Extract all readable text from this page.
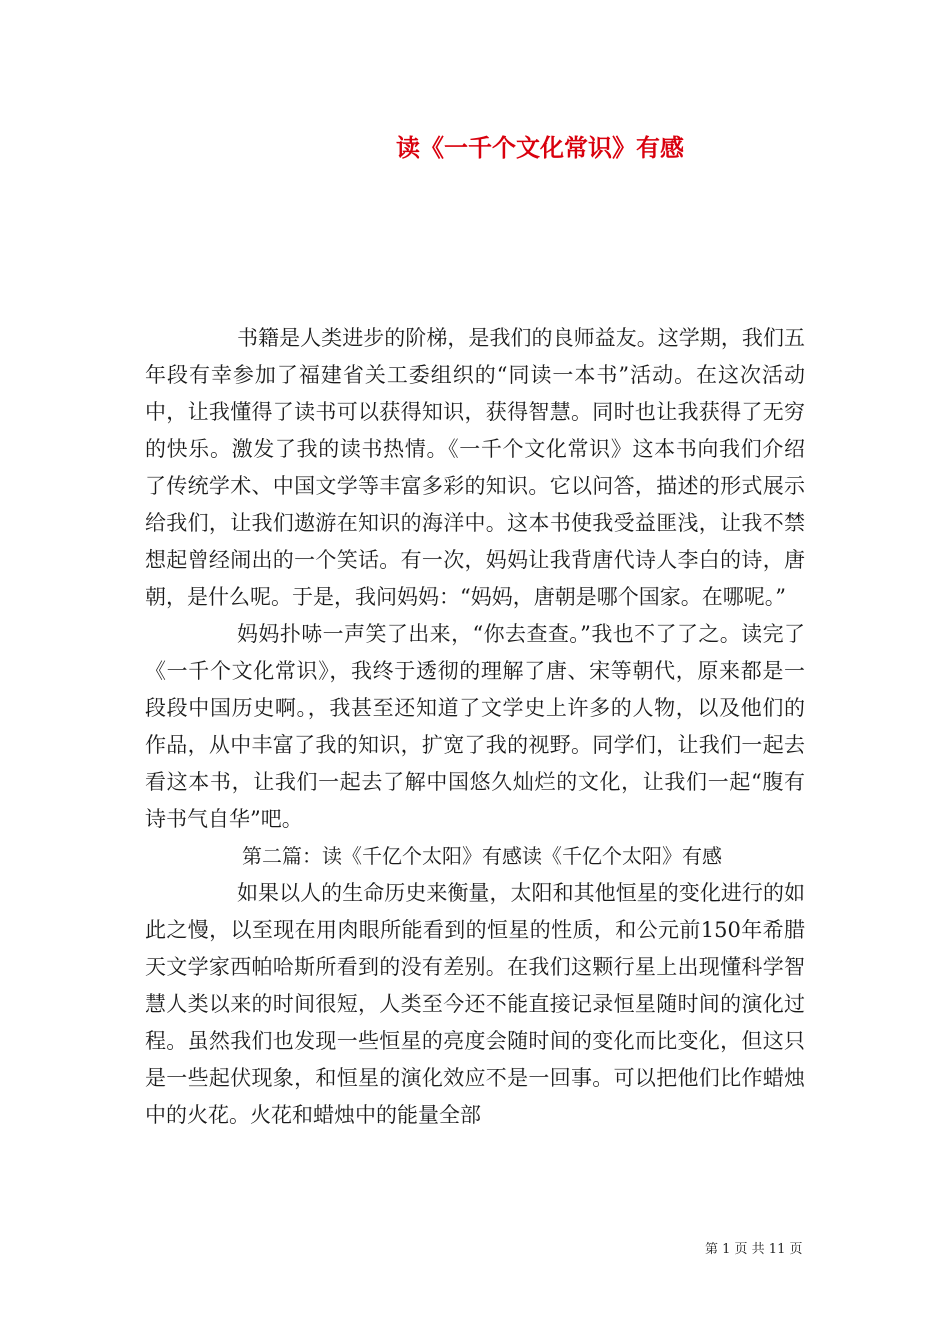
读《一千个文化常识》有感

书籍是人类进步的阶梯，是我们的良师益友。这学期，我们五年段有幸参加了福建省关工委组织的“同读一本书”活动。在这次活动中，让我懂得了读书可以获得知识，获得智慧。同时也让我获得了无穷的快乐。激发了我的读书热情。《一千个文化常识》这本书向我们介绍了传统学术、中国文学等丰富多彩的知识。它以问答，描述的形式展示给我们，让我们遨游在知识的海洋中。这本书使我受益匪浅，让我不禁想起曾经闹出的一个笑话。有一次，妈妈让我背唐代诗人李白的诗，唐朝，是什么呢。于是，我问妈妈：“妈妈，唐朝是哪个国家。在哪呢。”

妈妈扑哧一声笑了出来，“你去查查。”我也不了了之。读完了《一千个文化常识》，我终于透彻的理解了唐、宋等朝代，原来都是一段段中国历史啊。，我甚至还知道了文学史上许多的人物，以及他们的作品，从中丰富了我的知识，扩宽了我的视野。同学们，让我们一起去看这本书，让我们一起去了解中国悠久灿烂的文化，让我们一起“腹有诗书气自华”吧。

第二篇：读《千亿个太阳》有感读《千亿个太阳》有感

如果以人的生命历史来衡量，太阳和其他恒星的变化进行的如此之慢，以至现在用肉眼所能看到的恒星的性质，和公元前150年希腊天文学家西帕哈斯所看到的没有差别。在我们这颗行星上出现懂科学智慧人类以来的时间很短，人类至今还不能直接记录恒星随时间的演化过程。虽然我们也发现一些恒星的亮度会随时间的变化而比变化，但这只是一些起伏现象，和恒星的演化效应不是一回事。可以把他们比作蜡烛中的火花。火花和蜡烛中的能量全部

第 1 页 共 11 页
